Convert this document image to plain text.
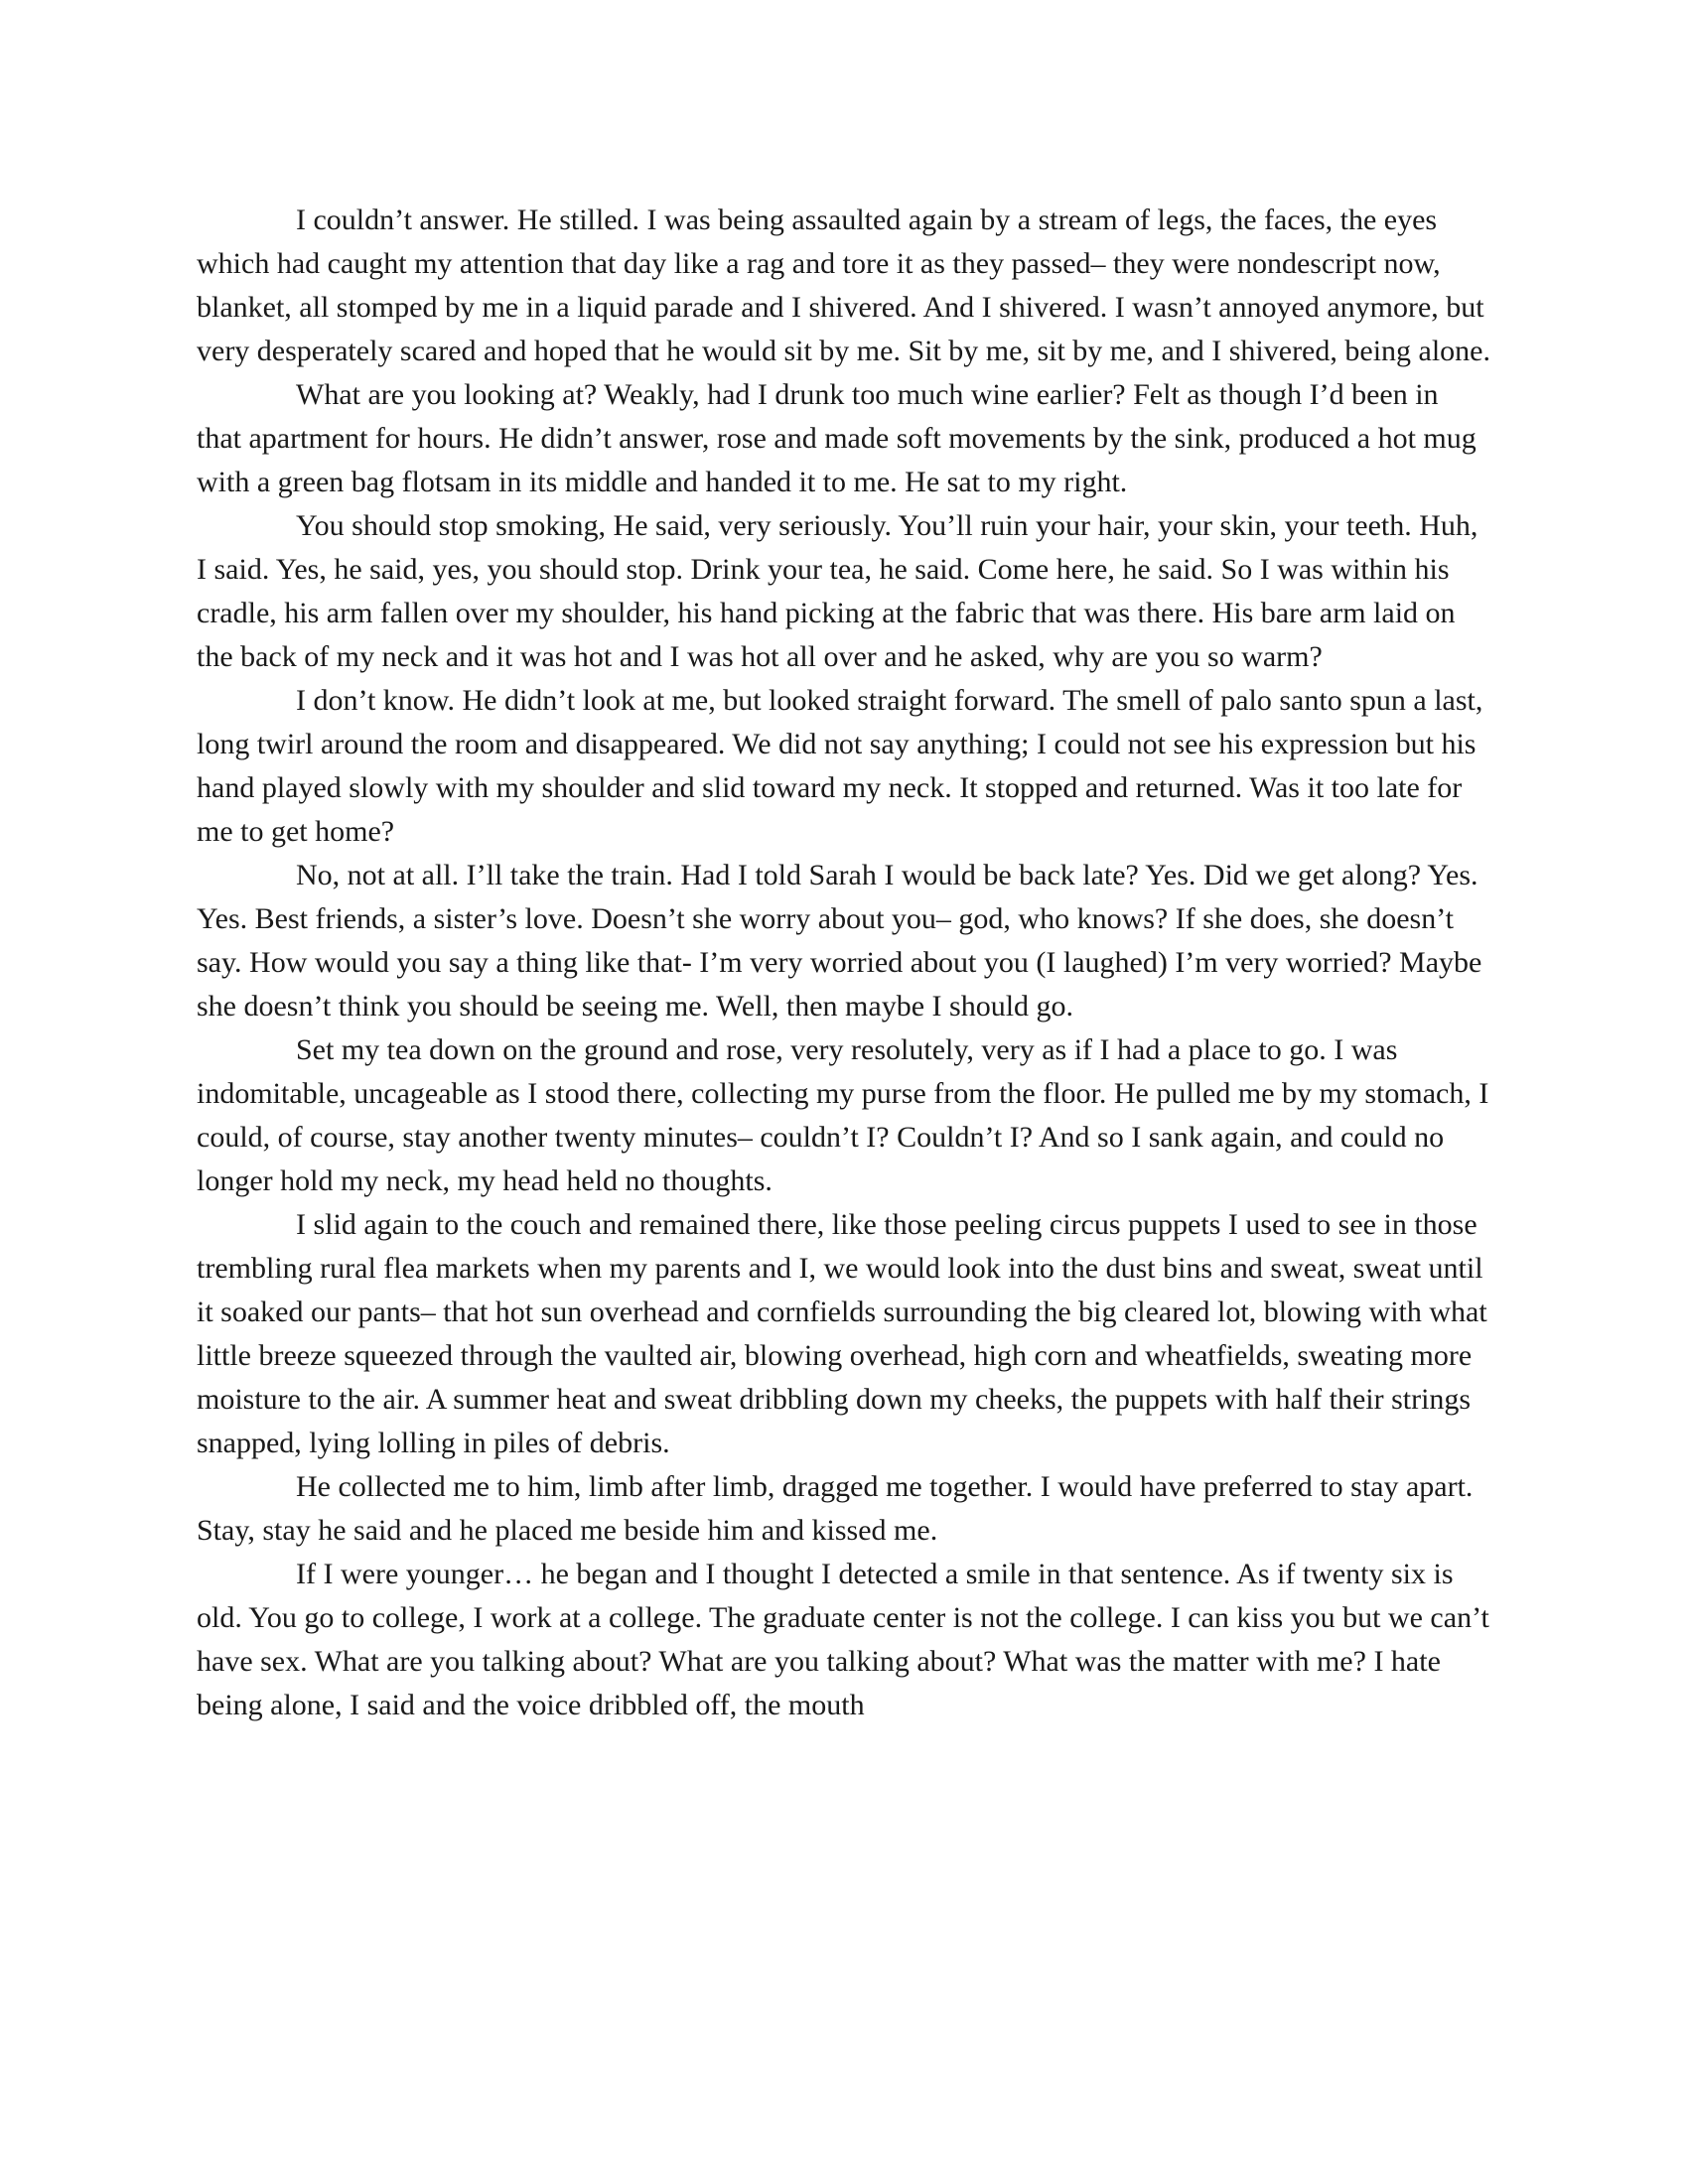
I couldn’t answer. He stilled. I was being assaulted again by a stream of legs, the faces, the eyes which had caught my attention that day like a rag and tore it as they passed– they were nondescript now, blanket, all stomped by me in a liquid parade and I shivered. And I shivered. I wasn’t annoyed anymore, but very desperately scared and hoped that he would sit by me. Sit by me, sit by me, and I shivered, being alone.

What are you looking at? Weakly, had I drunk too much wine earlier? Felt as though I’d been in that apartment for hours. He didn’t answer, rose and made soft movements by the sink, produced a hot mug with a green bag flotsam in its middle and handed it to me. He sat to my right.

You should stop smoking, He said, very seriously. You’ll ruin your hair, your skin, your teeth. Huh, I said. Yes, he said, yes, you should stop. Drink your tea, he said. Come here, he said. So I was within his cradle, his arm fallen over my shoulder, his hand picking at the fabric that was there. His bare arm laid on the back of my neck and it was hot and I was hot all over and he asked, why are you so warm?

I don’t know. He didn’t look at me, but looked straight forward. The smell of palo santo spun a last, long twirl around the room and disappeared. We did not say anything; I could not see his expression but his hand played slowly with my shoulder and slid toward my neck. It stopped and returned. Was it too late for me to get home?

No, not at all. I’ll take the train. Had I told Sarah I would be back late? Yes. Did we get along? Yes. Yes. Best friends, a sister’s love. Doesn’t she worry about you– god, who knows? If she does, she doesn’t say. How would you say a thing like that- I’m very worried about you (I laughed) I’m very worried? Maybe she doesn’t think you should be seeing me. Well, then maybe I should go.

Set my tea down on the ground and rose, very resolutely, very as if I had a place to go. I was indomitable, uncageable as I stood there, collecting my purse from the floor. He pulled me by my stomach, I could, of course, stay another twenty minutes– couldn’t I? Couldn’t I? And so I sank again, and could no longer hold my neck, my head held no thoughts.

I slid again to the couch and remained there, like those peeling circus puppets I used to see in those trembling rural flea markets when my parents and I, we would look into the dust bins and sweat, sweat until it soaked our pants– that hot sun overhead and cornfields surrounding the big cleared lot, blowing with what little breeze squeezed through the vaulted air, blowing overhead, high corn and wheatfields, sweating more moisture to the air. A summer heat and sweat dribbling down my cheeks, the puppets with half their strings snapped, lying lolling in piles of debris.

He collected me to him, limb after limb, dragged me together. I would have preferred to stay apart. Stay, stay he said and he placed me beside him and kissed me.

If I were younger… he began and I thought I detected a smile in that sentence. As if twenty six is old. You go to college, I work at a college. The graduate center is not the college. I can kiss you but we can’t have sex. What are you talking about? What are you talking about? What was the matter with me? I hate being alone, I said and the voice dribbled off, the mouth
